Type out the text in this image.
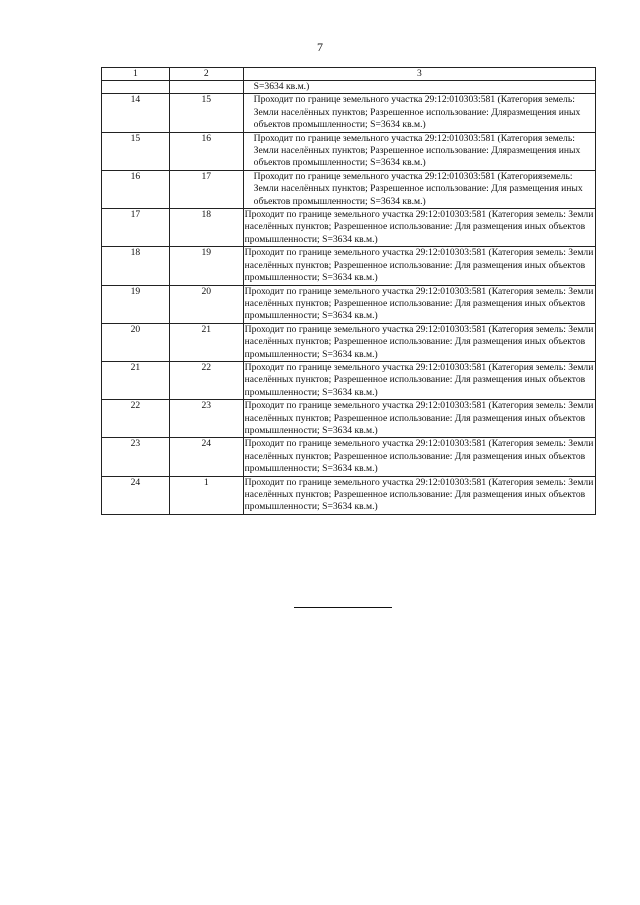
7
1	2	3
		S=3634 кв.м.)
14	15	Проходит по границе земельного участка 29:12:010303:581 (Категория земель: Земли населённых пунктов; Разрешенное использование: Дляразмещения иных объектов промышленности; S=3634 кв.м.)
15	16	Проходит по границе земельного участка 29:12:010303:581 (Категория земель: Земли населённых пунктов; Разрешенное использование: Дляразмещения иных объектов промышленности; S=3634 кв.м.)
16	17	Проходит по границе земельного участка 29:12:010303:581 (Категорияземель: Земли населённых пунктов; Разрешенное использование: Для размещения иных объектов промышленности; S=3634 кв.м.)
17	18	Проходит по границе земельного участка 29:12:010303:581 (Категория земель: Земли населённых пунктов; Разрешенное использование: Для размещения иных объектов промышленности; S=3634 кв.м.)
18	19	Проходит по границе земельного участка 29:12:010303:581 (Категория земель: Земли населённых пунктов; Разрешенное использование: Для размещения иных объектов промышленности; S=3634 кв.м.)
19	20	Проходит по границе земельного участка 29:12:010303:581 (Категория земель: Земли населённых пунктов; Разрешенное использование: Для размещения иных объектов промышленности; S=3634 кв.м.)
20	21	Проходит по границе земельного участка 29:12:010303:581 (Категория земель: Земли населённых пунктов; Разрешенное использование: Для размещения иных объектов промышленности; S=3634 кв.м.)
21	22	Проходит по границе земельного участка 29:12:010303:581 (Категория земель: Земли населённых пунктов; Разрешенное использование: Для размещения иных объектов промышленности; S=3634 кв.м.)
22	23	Проходит по границе земельного участка 29:12:010303:581 (Категория земель: Земли населённых пунктов; Разрешенное использование: Для размещения иных объектов промышленности; S=3634 кв.м.)
23	24	Проходит по границе земельного участка 29:12:010303:581 (Категория земель: Земли населённых пунктов; Разрешенное использование: Для размещения иных объектов промышленности; S=3634 кв.м.)
24	1	Проходит по границе земельного участка 29:12:010303:581 (Категория земель: Земли населённых пунктов; Разрешенное использование: Для размещения иных объектов промышленности; S=3634 кв.м.)
